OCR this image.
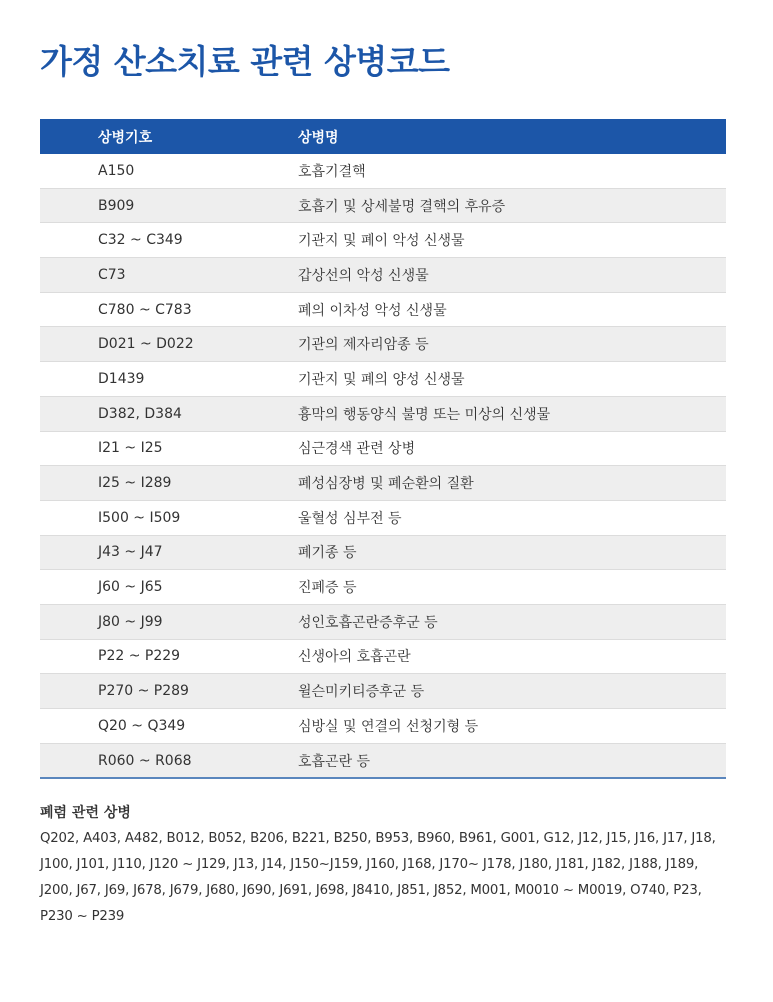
가정 산소치료 관련 상병코드
상병기호	상병명
A150	호흡기결핵
B909	호흡기 및 상세불명 결핵의 후유증
C32 ~ C349	기관지 및 폐이 악성 신생물
C73	갑상선의 악성 신생물
C780 ~ C783	폐의 이차성 악성 신생물
D021 ~ D022	기관의 제자리암종 등
D1439	기관지 및 폐의 양성 신생물
D382, D384	흉막의 행동양식 불명 또는 미상의 신생물
I21 ~ I25	심근경색 관련 상병
I25 ~ I289	폐성심장병 및 폐순환의 질환
I500 ~ I509	울혈성 심부전 등
J43 ~ J47	폐기종 등
J60 ~ J65	진폐증 등
J80 ~ J99	성인호흡곤란증후군 등
P22 ~ P229	신생아의 호흡곤란
P270 ~ P289	윌슨미키티증후군 등
Q20 ~ Q349	심방실 및 연결의 선청기형 등
R060 ~ R068	호흡곤란 등
폐렴 관련 상병

Q202, A403, A482, B012, B052, B206, B221, B250, B953, B960, B961, G001, G12, J12, J15, J16, J17, J18, J100, J101, J110, J120 ~ J129, J13, J14, J150~J159, J160, J168, J170~ J178, J180, J181, J182, J188, J189, J200, J67, J69, J678, J679, J680, J690, J691, J698, J8410, J851, J852, M001, M0010 ~ M0019, O740, P23, P230 ~ P239
